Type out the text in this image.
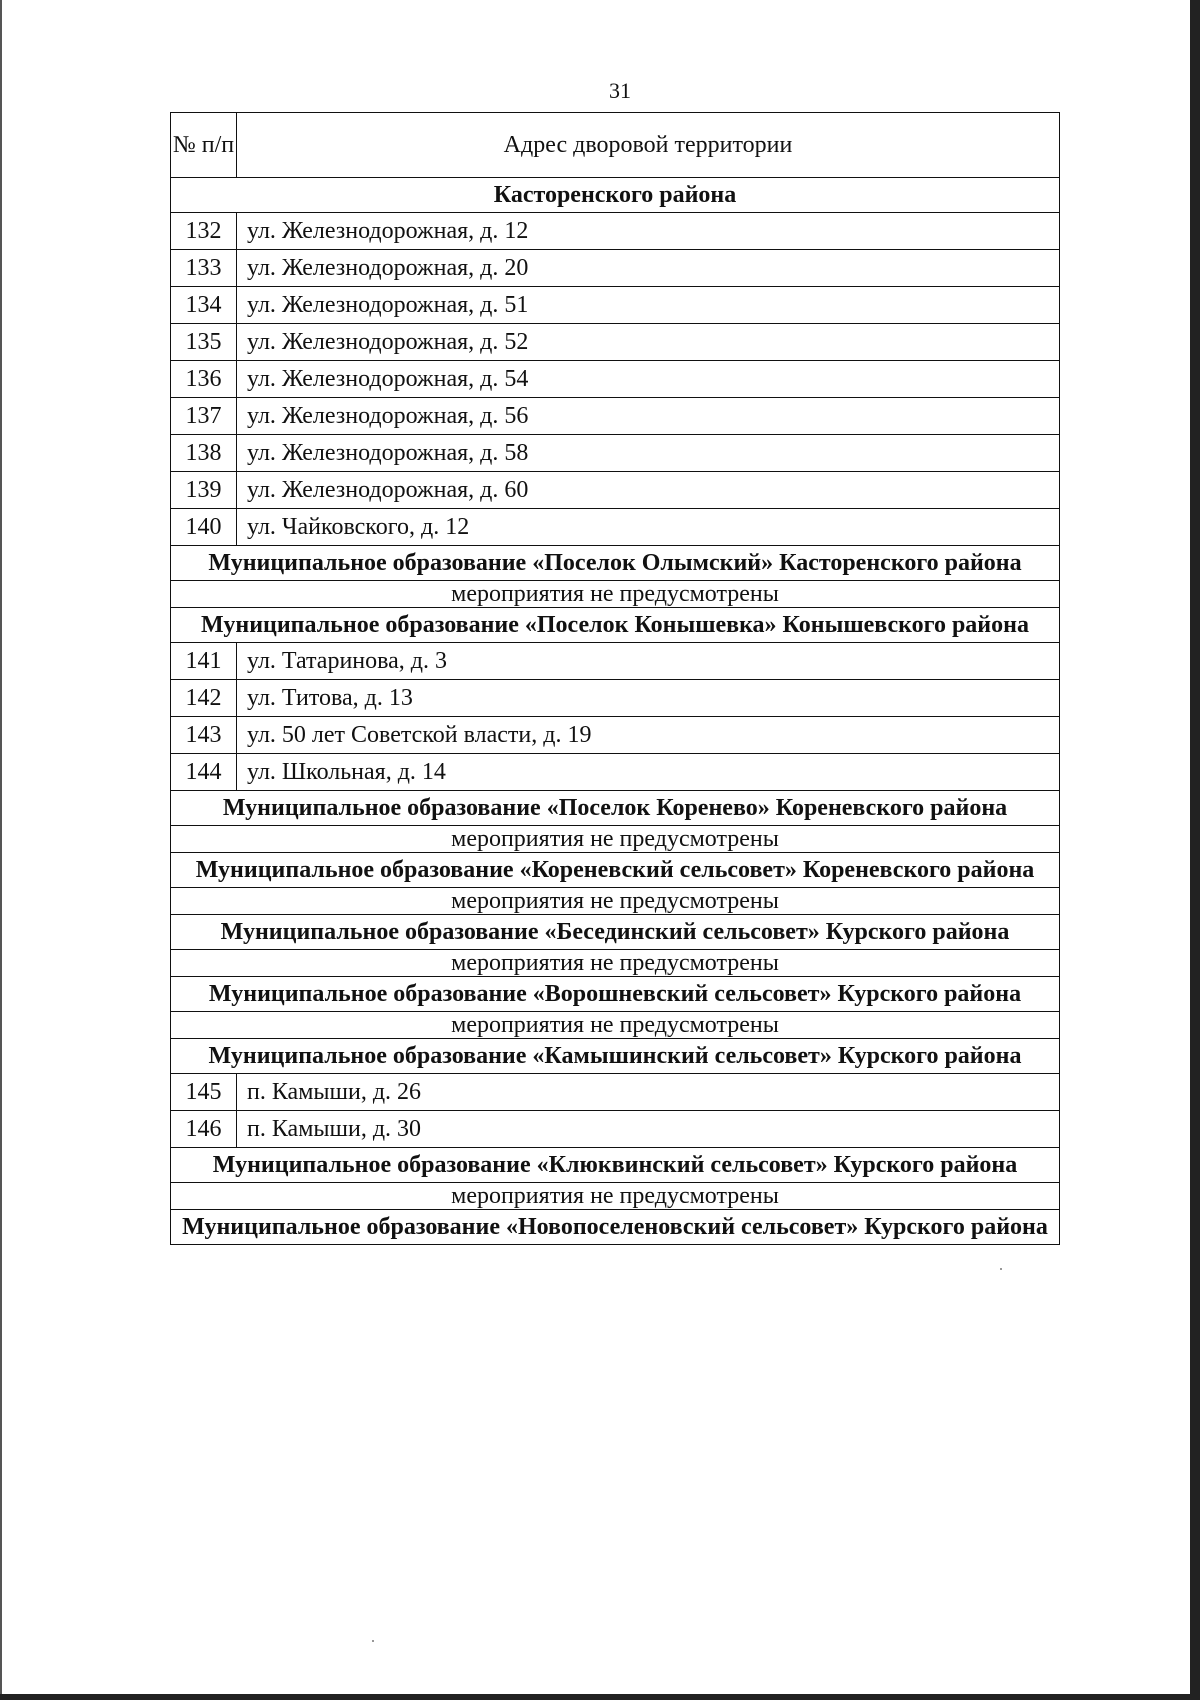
31
№ п/п	Адрес дворовой территории
Касторенского района	
132	ул. Железнодорожная, д. 12
133	ул. Железнодорожная, д. 20
134	ул. Железнодорожная, д. 51
135	ул. Железнодорожная, д. 52
136	ул. Железнодорожная, д. 54
137	ул. Железнодорожная, д. 56
138	ул. Железнодорожная, д. 58
139	ул. Железнодорожная, д. 60
140	ул. Чайковского, д. 12
Муниципальное образование «Поселок Олымский» Касторенского района	
мероприятия не предусмотрены	
Муниципальное образование «Поселок Конышевка» Конышевского района	
141	ул. Татаринова, д. 3
142	ул. Титова, д. 13
143	ул. 50 лет Советской власти, д. 19
144	ул. Школьная, д. 14
Муниципальное образование «Поселок Коренево» Кореневского района	
мероприятия не предусмотрены	
Муниципальное образование «Кореневский сельсовет» Кореневского района	
мероприятия не предусмотрены	
Муниципальное образование «Бесединский сельсовет» Курского района	
мероприятия не предусмотрены	
Муниципальное образование «Ворошневский сельсовет» Курского района	
мероприятия не предусмотрены	
Муниципальное образование «Камышинский сельсовет» Курского района	
145	п. Камыши, д. 26
146	п. Камыши, д. 30
Муниципальное образование «Клюквинский сельсовет» Курского района	
мероприятия не предусмотрены	
Муниципальное образование «Новопоселеновский сельсовет» Курского района	
